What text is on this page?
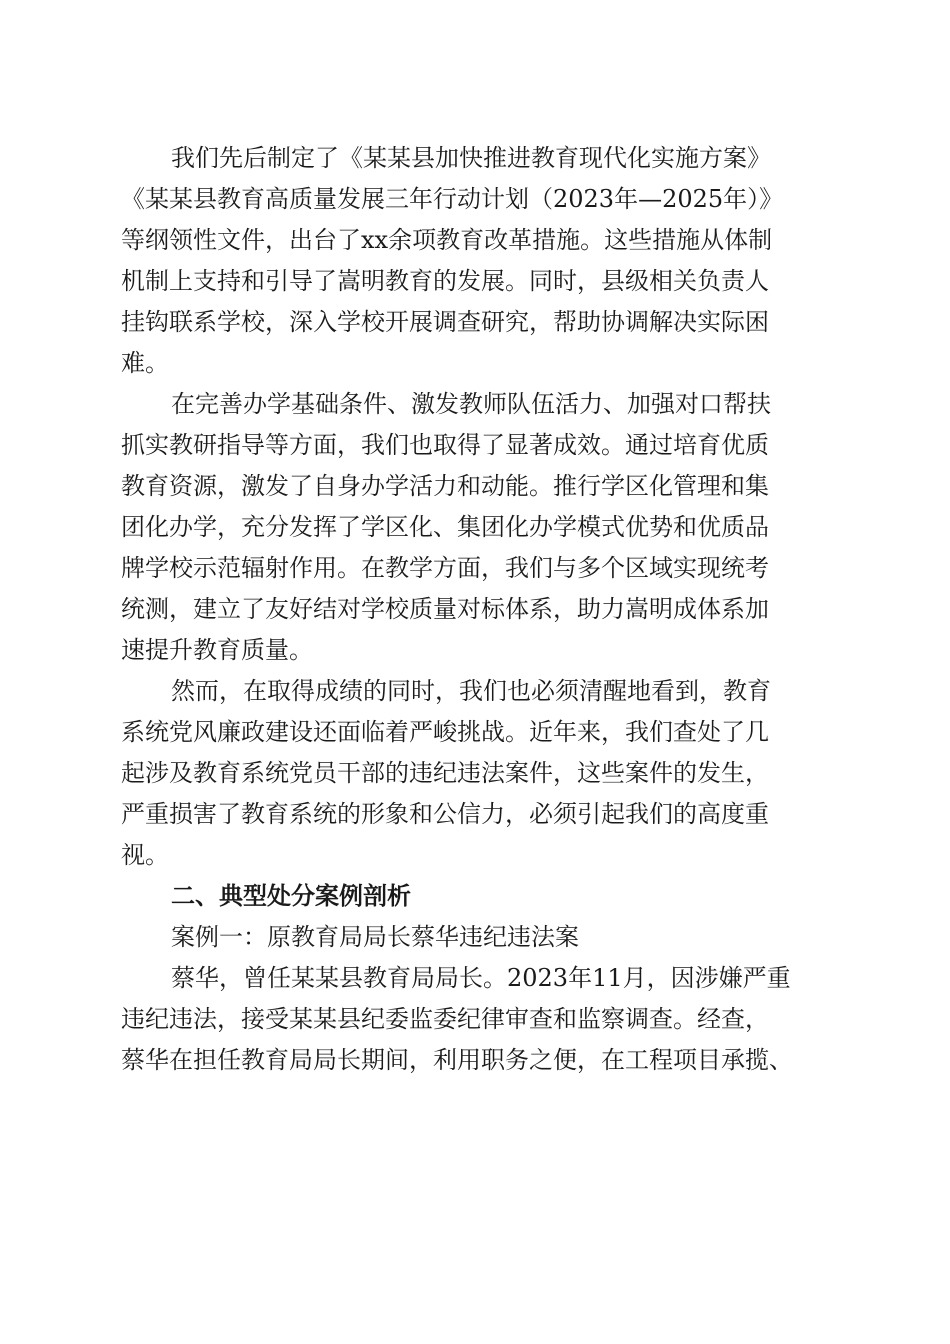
我们先后制定了《某某县加快推进教育现代化实施方案》
《某某县教育高质量发展三年行动计划（2023年—2025年）》
等纲领性文件，出台了xx余项教育改革措施。这些措施从体制
机制上支持和引导了嵩明教育的发展。同时，县级相关负责人
挂钩联系学校，深入学校开展调查研究，帮助协调解决实际困
难。
在完善办学基础条件、激发教师队伍活力、加强对口帮扶
抓实教研指导等方面，我们也取得了显著成效。通过培育优质
教育资源，激发了自身办学活力和动能。推行学区化管理和集
团化办学，充分发挥了学区化、集团化办学模式优势和优质品
牌学校示范辐射作用。在教学方面，我们与多个区域实现统考
统测，建立了友好结对学校质量对标体系，助力嵩明成体系加
速提升教育质量。
然而，在取得成绩的同时，我们也必须清醒地看到，教育
系统党风廉政建设还面临着严峻挑战。近年来，我们查处了几
起涉及教育系统党员干部的违纪违法案件，这些案件的发生，
严重损害了教育系统的形象和公信力，必须引起我们的高度重
视。
二、典型处分案例剖析
案例一：原教育局局长蔡华违纪违法案
蔡华，曾任某某县教育局局长。2023年11月，因涉嫌严重
违纪违法，接受某某县纪委监委纪律审查和监察调查。经查，
蔡华在担任教育局局长期间，利用职务之便，在工程项目承揽、
